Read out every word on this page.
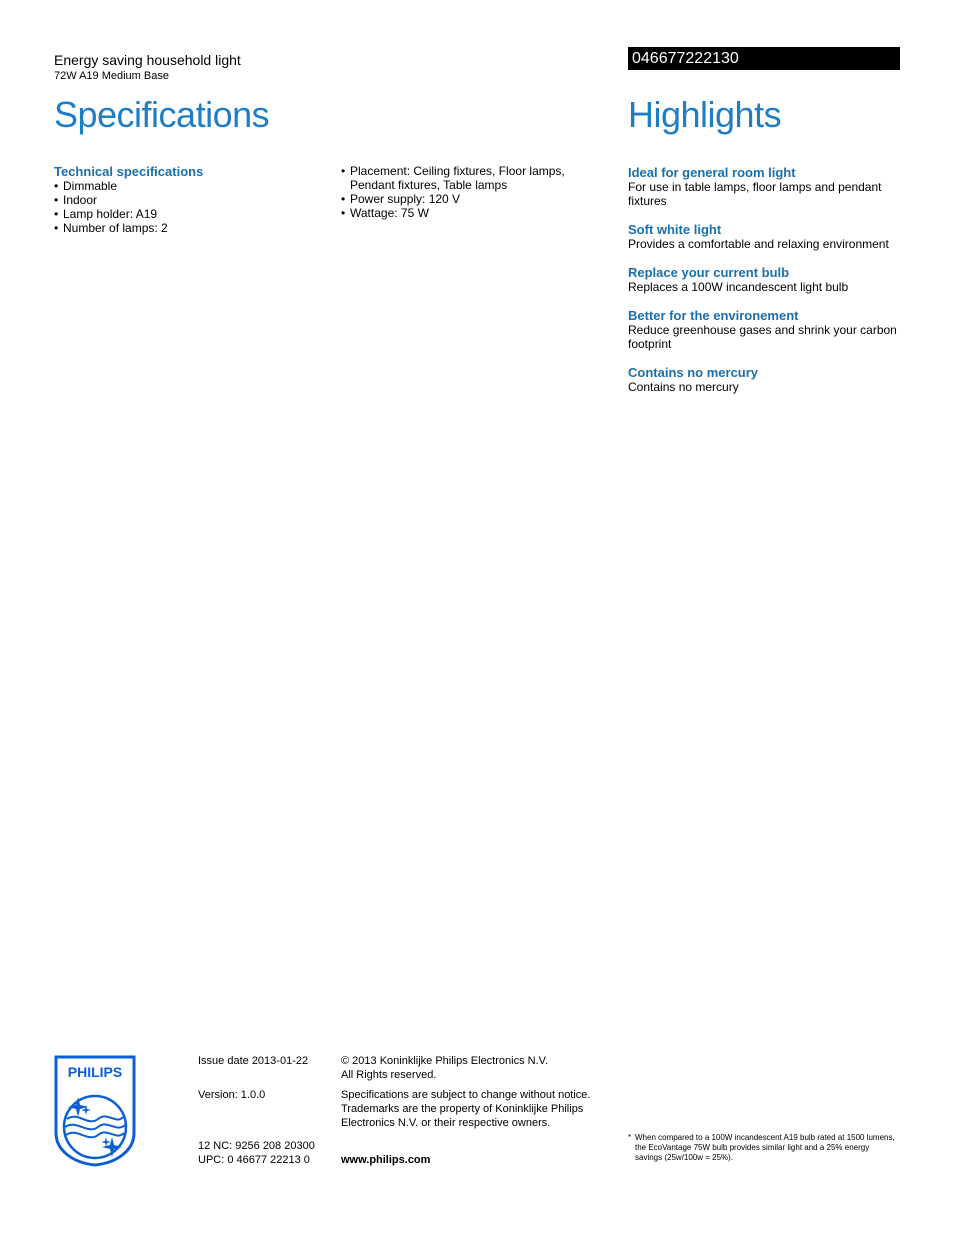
Energy saving household light
72W A19 Medium Base
046677222130
Specifications	Highlights
Technical specifications
• Dimmable
• Indoor
• Lamp holder: A19
• Number of lamps: 2
• Placement: Ceiling fixtures, Floor lamps, Pendant fixtures, Table lamps
• Power supply: 120 V
• Wattage: 75 W
Ideal for general room light
For use in table lamps, floor lamps and pendant fixtures
Soft white light
Provides a comfortable and relaxing environment
Replace your current bulb
Replaces a 100W incandescent light bulb
Better for the environement
Reduce greenhouse gases and shrink your carbon footprint
Contains no mercury
Contains no mercury
PHILIPS
Issue date 2013-01-22
Version: 1.0.0
12 NC: 9256 208 20300
UPC: 0 46677 22213 0
© 2013 Koninklijke Philips Electronics N.V.
All Rights reserved.
Specifications are subject to change without notice. Trademarks are the property of Koninklijke Philips Electronics N.V. or their respective owners.
www.philips.com
* When compared to a 100W incandescent A19 bulb rated at 1500 lumens, the EcoVantage 75W bulb provides similar light and a 25% energy savings (25w/100w = 25%).
